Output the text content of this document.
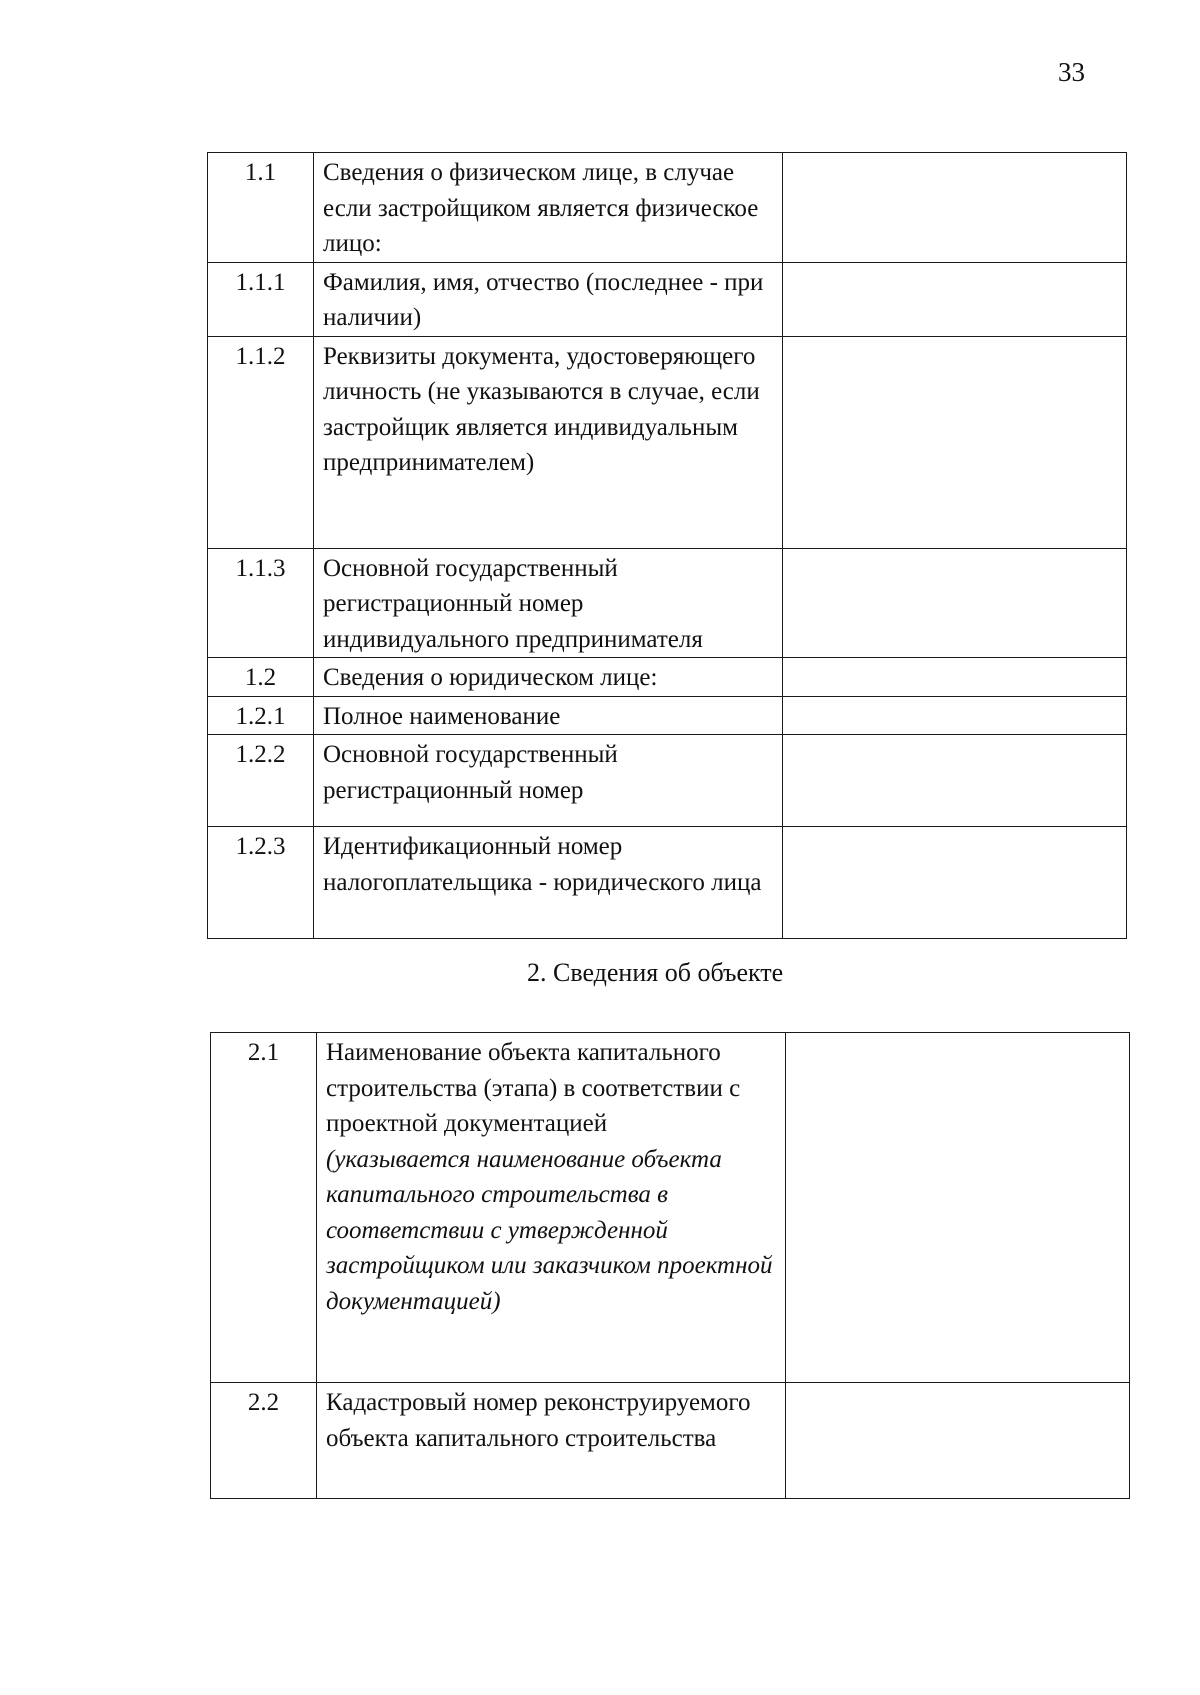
33
1.1	Сведения о физическом лице, в случае если застройщиком является физическое лицо:	
1.1.1	Фамилия, имя, отчество (последнее - при наличии)	
1.1.2	Реквизиты документа, удостоверяющего личность (не указываются в случае, если застройщик является индивидуальным предпринимателем)	
1.1.3	Основной государственный регистрационный номер индивидуального предпринимателя	
1.2	Сведения о юридическом лице:	
1.2.1	Полное наименование	
1.2.2	Основной государственный регистрационный номер	
1.2.3	Идентификационный номер налогоплательщика - юридического лица	
2. Сведения об объекте
2.1	Наименование объекта капитального строительства (этапа) в соответствии с проектной документацией
(указывается наименование объекта капитального строительства в соответствии с утвержденной застройщиком или заказчиком проектной документацией)	

2.2	Кадастровый номер реконструируемого объекта капитального строительства	
